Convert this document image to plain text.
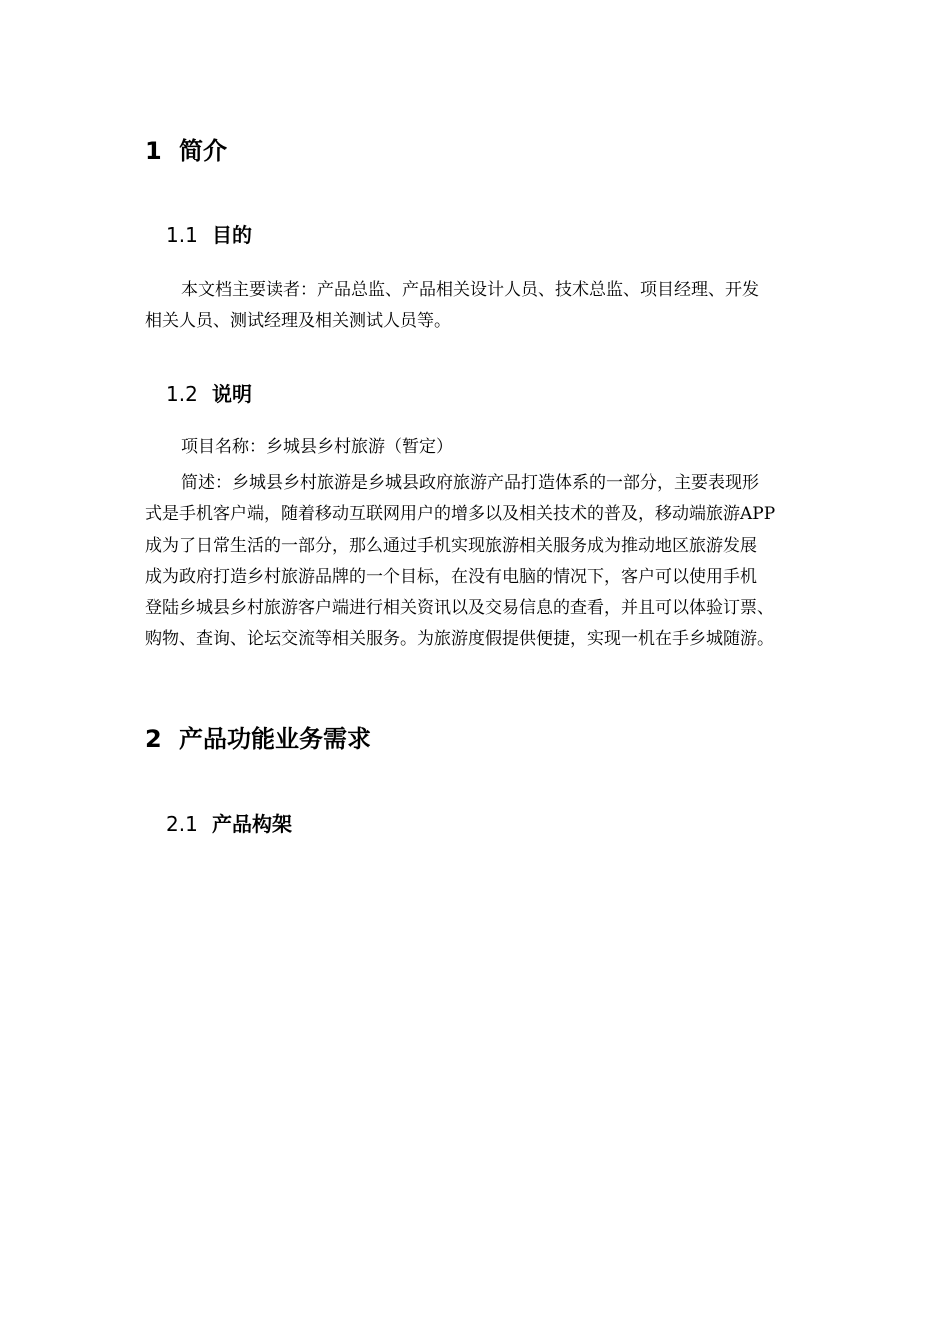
1 简介
1.1 目的
本文档主要读者：产品总监、产品相关设计人员、技术总监、项目经理、开发
相关人员、测试经理及相关测试人员等。
1.2 说明
项目名称：乡城县乡村旅游（暂定）
简述：乡城县乡村旅游是乡城县政府旅游产品打造体系的一部分，主要表现形
式是手机客户端，随着移动互联网用户的增多以及相关技术的普及，移动端旅游APP
成为了日常生活的一部分，那么通过手机实现旅游相关服务成为推动地区旅游发展
成为政府打造乡村旅游品牌的一个目标，在没有电脑的情况下，客户可以使用手机
登陆乡城县乡村旅游客户端进行相关资讯以及交易信息的查看，并且可以体验订票、
购物、查询、论坛交流等相关服务。为旅游度假提供便捷，实现一机在手乡城随游。
2 产品功能业务需求
2.1 产品构架
